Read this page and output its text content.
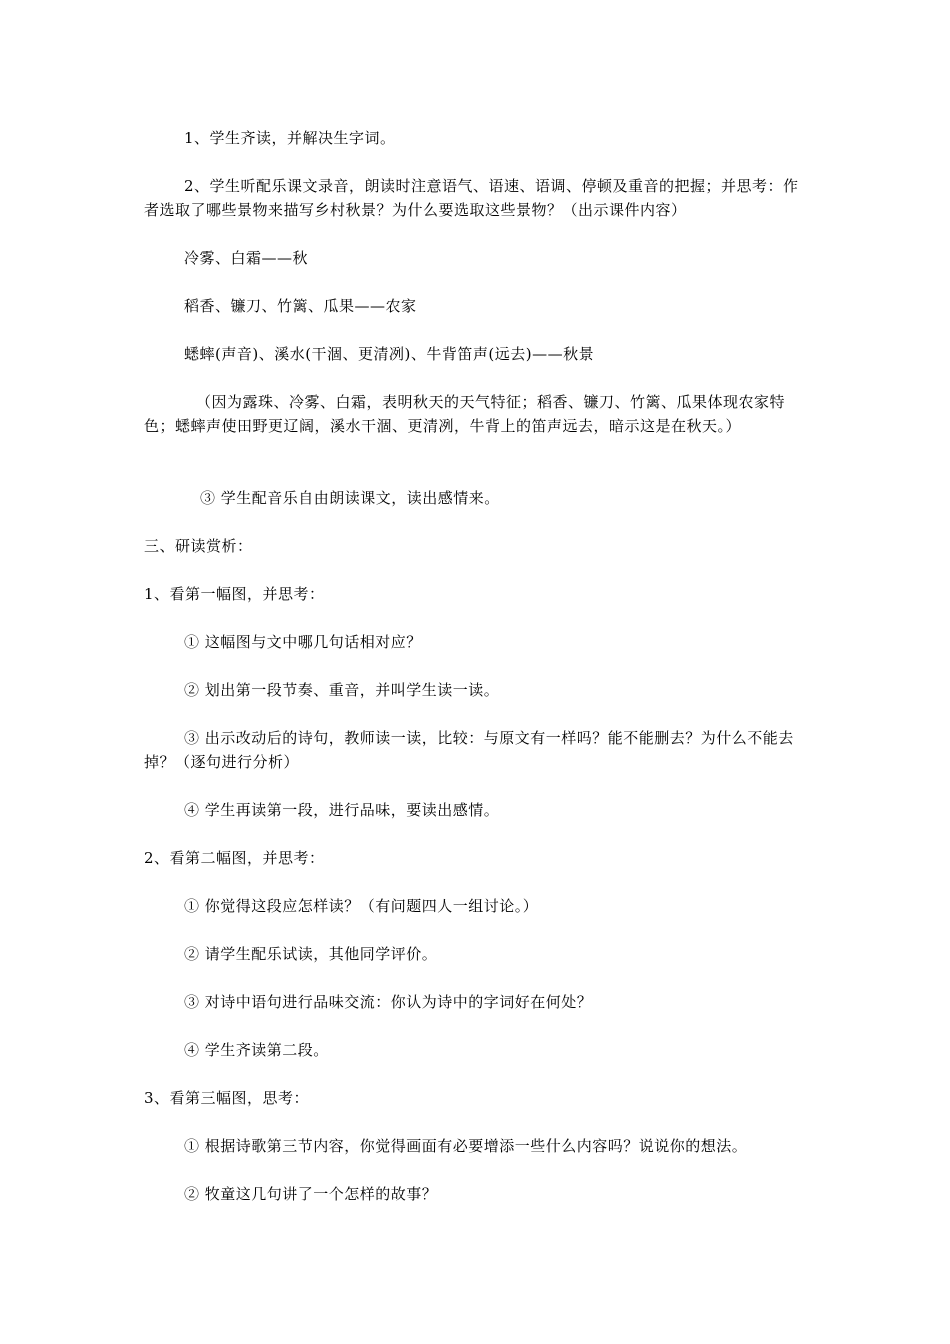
1、学生齐读，并解决生字词。

2、学生听配乐课文录音，朗读时注意语气、语速、语调、停顿及重音的把握；并思考：作者选取了哪些景物来描写乡村秋景？为什么要选取这些景物？（出示课件内容）

冷雾、白霜——秋

稻香、镰刀、竹篱、瓜果——农家

蟋蟀(声音)、溪水(干涸、更清冽)、牛背笛声(远去)——秋景

（因为露珠、冷雾、白霜，表明秋天的天气特征；稻香、镰刀、竹篱、瓜果体现农家特色；蟋蟀声使田野更辽阔，溪水干涸、更清冽，牛背上的笛声远去，暗示这是在秋天。）

③ 学生配音乐自由朗读课文，读出感情来。

三、研读赏析：

1、看第一幅图，并思考：

① 这幅图与文中哪几句话相对应？

② 划出第一段节奏、重音，并叫学生读一读。

③ 出示改动后的诗句，教师读一读，比较：与原文有一样吗？能不能删去？为什么不能去掉？（逐句进行分析）

④ 学生再读第一段，进行品味，要读出感情。

2、看第二幅图，并思考：

① 你觉得这段应怎样读？（有问题四人一组讨论。）

② 请学生配乐试读，其他同学评价。

③ 对诗中语句进行品味交流：你认为诗中的字词好在何处？

④ 学生齐读第二段。

3、看第三幅图，思考：

① 根据诗歌第三节内容，你觉得画面有必要增添一些什么内容吗？说说你的想法。

② 牧童这几句讲了一个怎样的故事？
